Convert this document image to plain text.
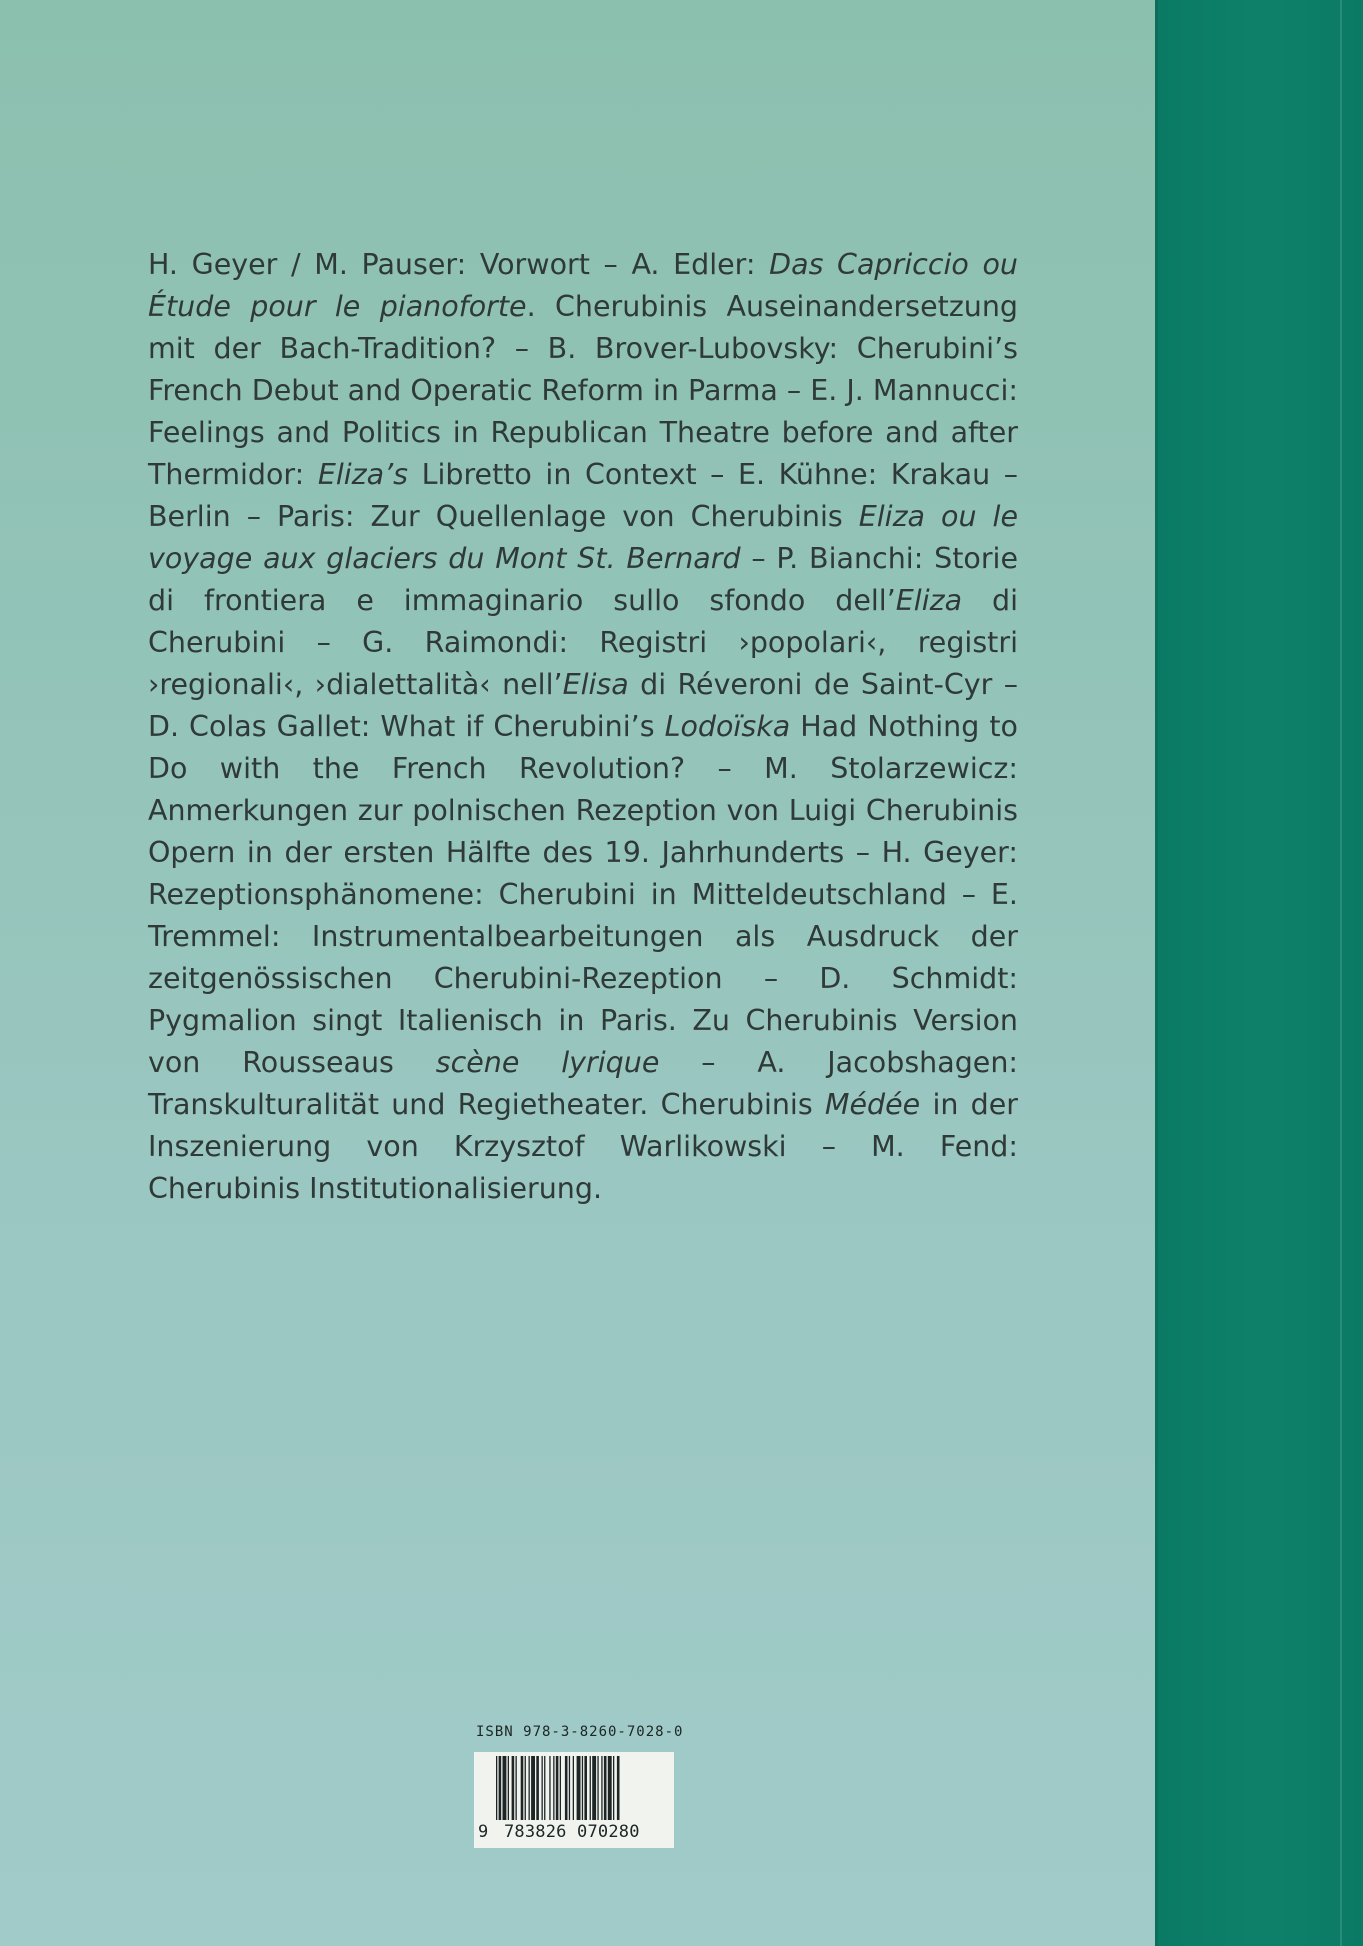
H. Geyer / M. Pauser: Vorwort – A. Edler: Das Capriccio ou Étude pour le pianoforte. Cherubinis Auseinandersetzung mit der Bach-Tradition? – B. Brover-Lubovsky: Cherubini’s French Debut and Operatic Reform in Parma – E. J. Mannucci: Feelings and Politics in Republican Theatre before and after Thermidor: Eliza’s Libretto in Context – E. Kühne: Krakau – Berlin – Paris: Zur Quellenlage von Cherubinis Eliza ou le voyage aux glaciers du Mont St. Bernard – P. Bianchi: Storie di frontiera e immaginario sullo sfondo dell’Eliza di Cherubini – G. Raimondi: Registri ›popolari‹, registri ›regionali‹, ›dialettalità‹ nell’Elisa di Réveroni de Saint-Cyr – D. Colas Gallet: What if Cherubini’s Lodoïska Had Nothing to Do with the French Revolution? – M. Stolarzewicz: Anmerkungen zur polnischen Rezeption von Luigi Cherubinis Opern in der ersten Hälfte des 19. Jahrhunderts – H. Geyer: Rezeptionsphänomene: Cherubini in Mitteldeutschland – E. Tremmel: Instrumentalbearbeitungen als Ausdruck der zeitgenössischen Cherubini-Rezeption – D. Schmidt: Pygmalion singt Italienisch in Paris. Zu Cherubinis Version von Rousseaus scène lyrique – A. Jacobshagen: Transkulturalität und Regietheater. Cherubinis Médée in der Inszenierung von Krzysztof Warlikowski – M. Fend: Cherubinis Institutionalisierung.

ISBN 978-3-8260-7028-0
9 783826 070280
